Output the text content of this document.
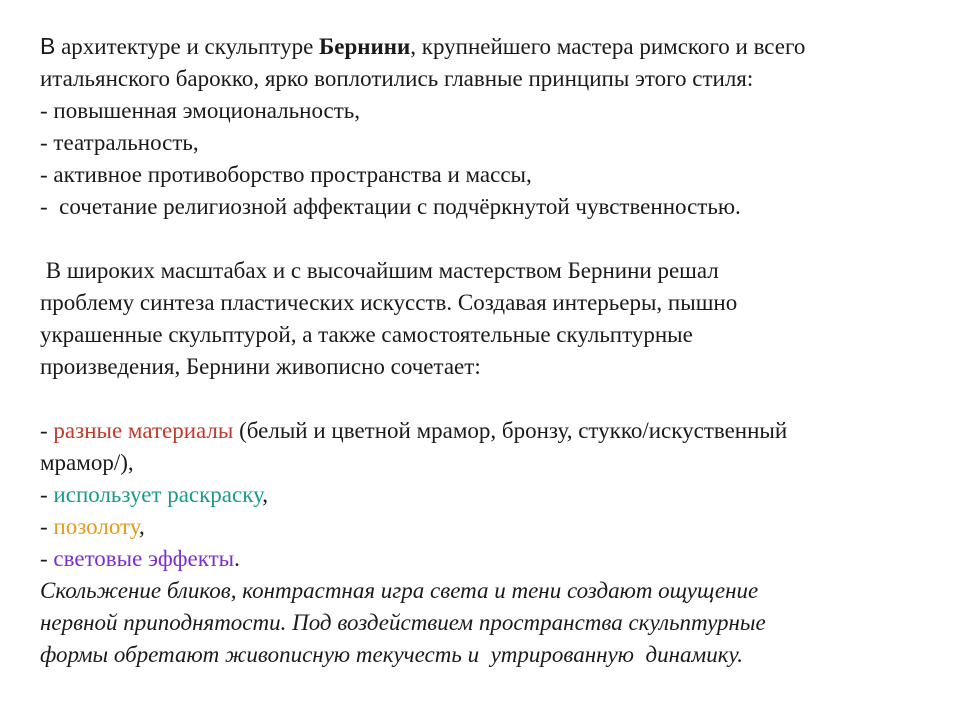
В архитектуре и скульптуре Бернини, крупнейшего мастера римского и всего
итальянского барокко, ярко воплотились главные принципы этого стиля:
- повышенная эмоциональность,
- театральность,
- активное противоборство пространства и массы,
-  сочетание религиозной аффектации с подчёркнутой чувственностью.
В широких масштабах и с высочайшим мастерством Бернини решал
проблему синтеза пластических искусств. Создавая интерьеры, пышно
украшенные скульптурой, а также самостоятельные скульптурные
произведения, Бернини живописно сочетает:
- разные материалы (белый и цветной мрамор, бронзу, стукко/искуственный
мрамор/),
- использует раскраску,
- позолоту,
- световые эффекты.
Скольжение бликов, контрастная игра света и тени создают ощущение
нервной приподнятости. Под воздействием пространства скульптурные
формы обретают живописную текучесть и  утрированную  динамику.
